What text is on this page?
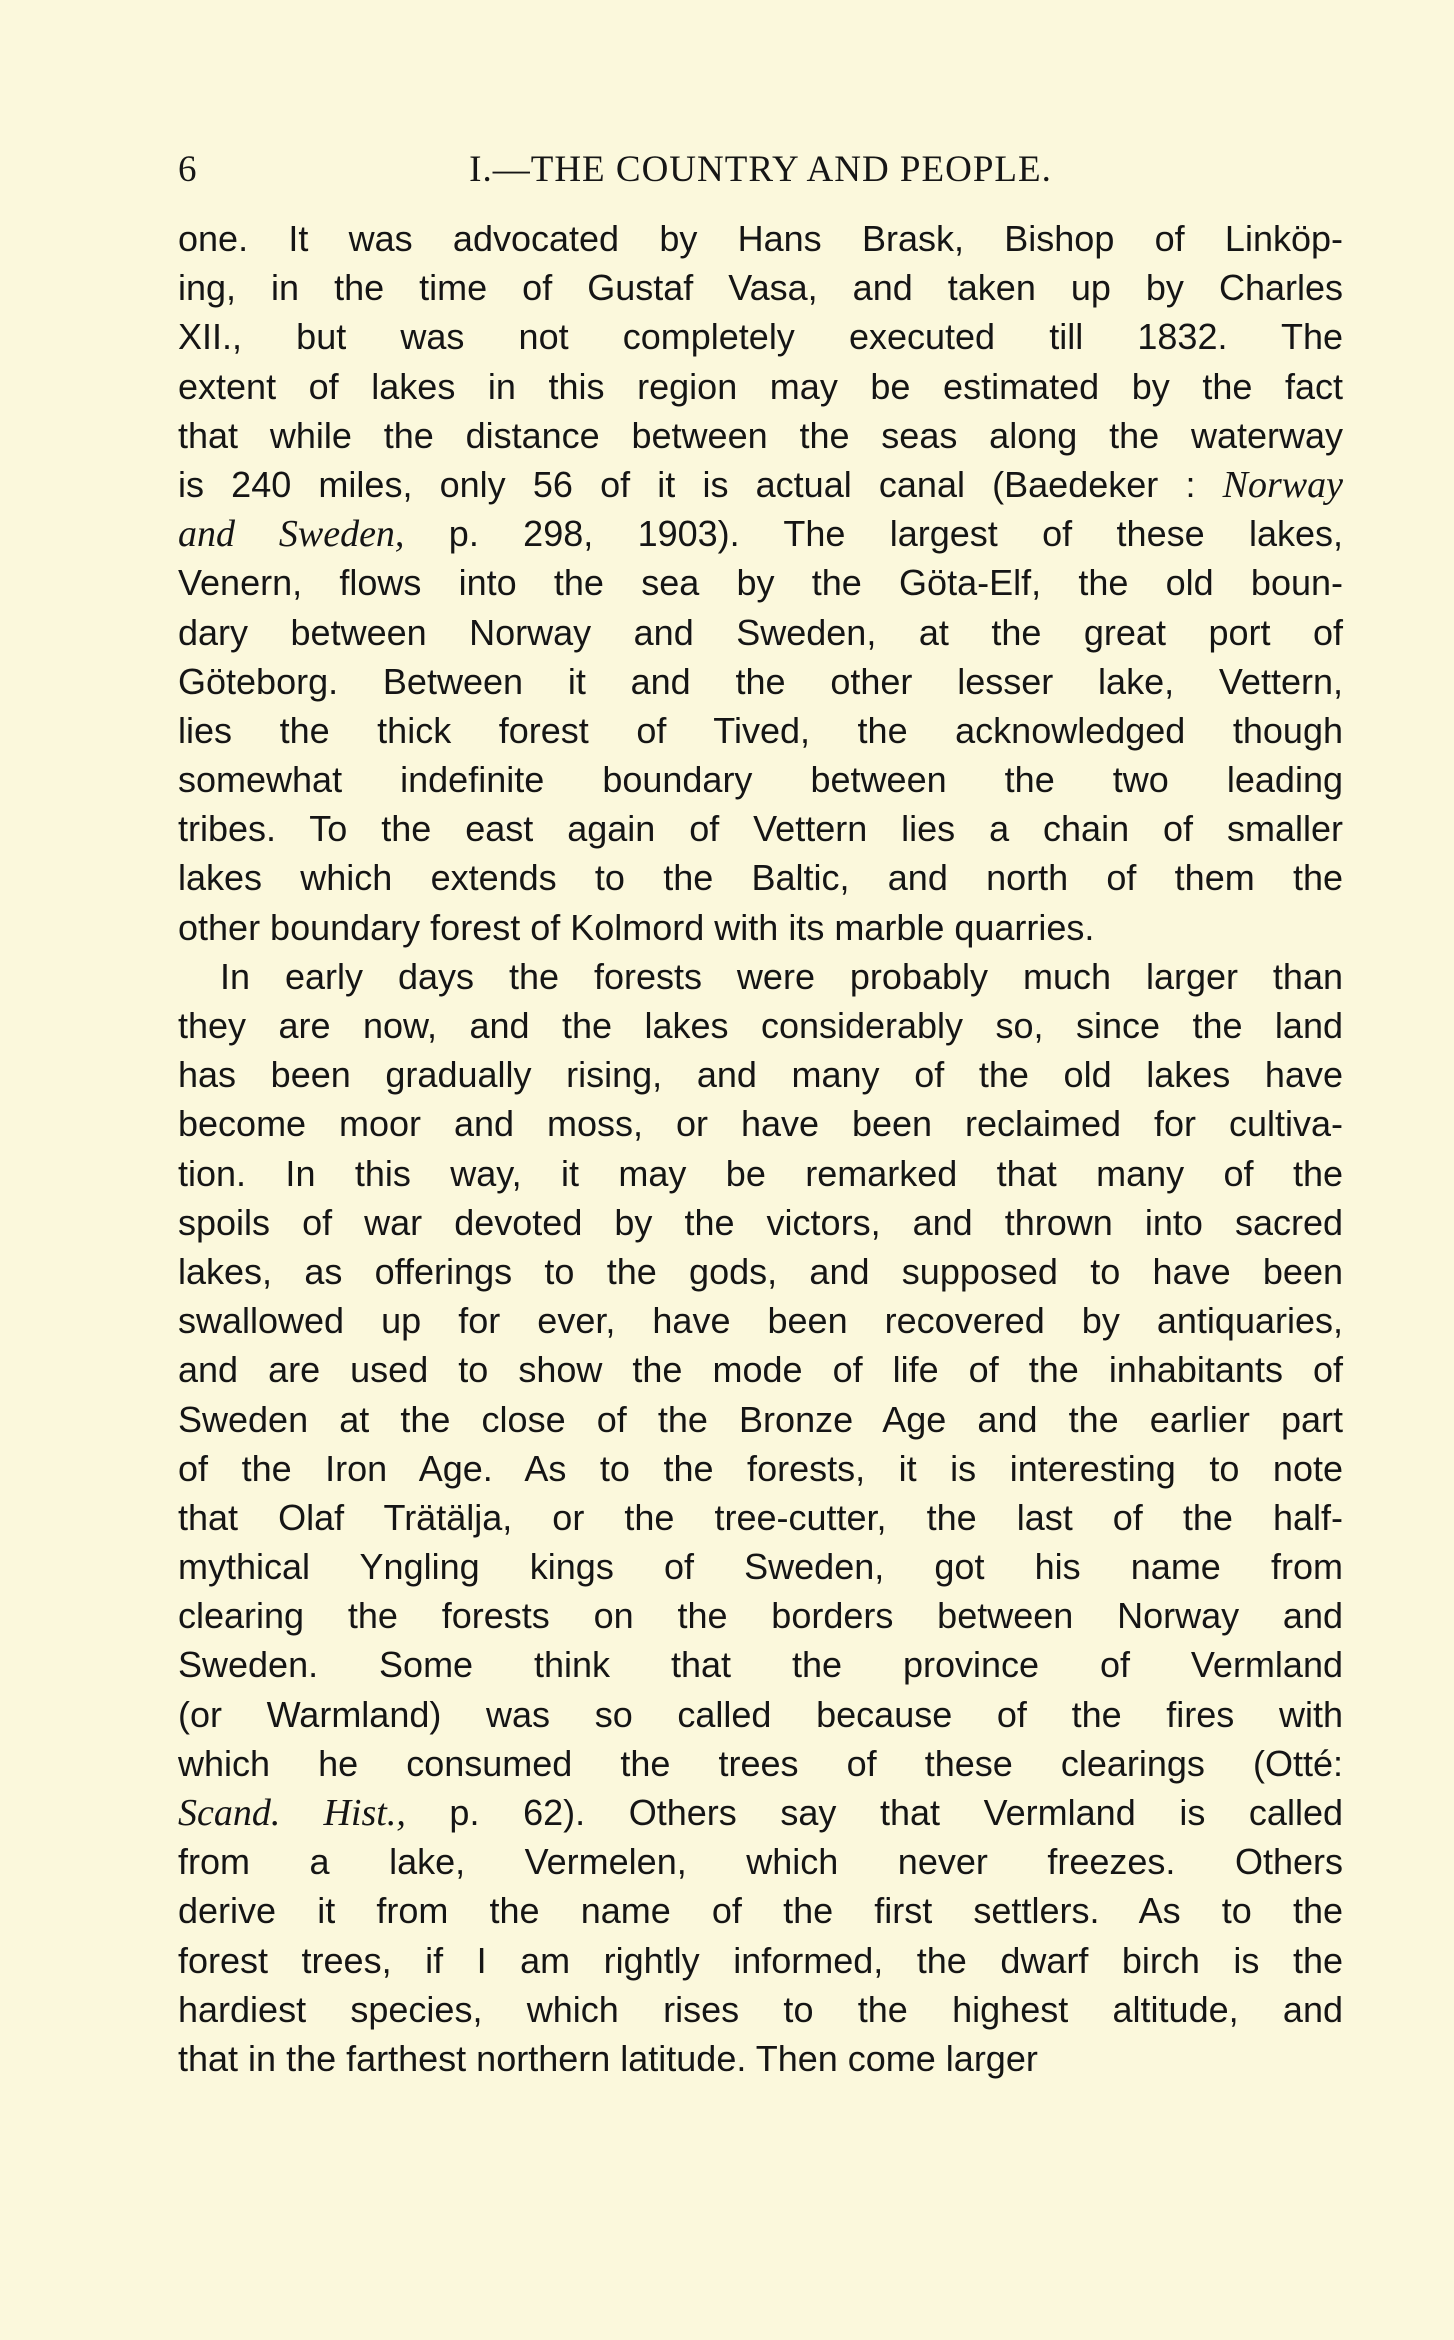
6	I.—THE COUNTRY AND PEOPLE.
one. It was advocated by Hans Brask, Bishop of Linköp-
ing, in the time of Gustaf Vasa, and taken up by Charles
XII., but was not completely executed till 1832. The
extent of lakes in this region may be estimated by the fact
that while the distance between the seas along the waterway
is 240 miles, only 56 of it is actual canal (Baedeker : Norway
and Sweden, p. 298, 1903). The largest of these lakes,
Venern, flows into the sea by the Göta-Elf, the old boun-
dary between Norway and Sweden, at the great port of
Göteborg. Between it and the other lesser lake, Vettern,
lies the thick forest of Tived, the acknowledged though
somewhat indefinite boundary between the two leading
tribes. To the east again of Vettern lies a chain of smaller
lakes which extends to the Baltic, and north of them the
other boundary forest of Kolmord with its marble quarries.
In early days the forests were probably much larger than
they are now, and the lakes considerably so, since the land
has been gradually rising, and many of the old lakes have
become moor and moss, or have been reclaimed for cultiva-
tion. In this way, it may be remarked that many of the
spoils of war devoted by the victors, and thrown into sacred
lakes, as offerings to the gods, and supposed to have been
swallowed up for ever, have been recovered by antiquaries,
and are used to show the mode of life of the inhabitants of
Sweden at the close of the Bronze Age and the earlier part
of the Iron Age. As to the forests, it is interesting to note
that Olaf Trätälja, or the tree-cutter, the last of the half-
mythical Yngling kings of Sweden, got his name from
clearing the forests on the borders between Norway and
Sweden. Some think that the province of Vermland
(or Warmland) was so called because of the fires with
which he consumed the trees of these clearings (Otté:
Scand. Hist., p. 62). Others say that Vermland is called
from a lake, Vermelen, which never freezes. Others
derive it from the name of the first settlers. As to the
forest trees, if I am rightly informed, the dwarf birch is the
hardiest species, which rises to the highest altitude, and
that in the farthest northern latitude. Then come larger
